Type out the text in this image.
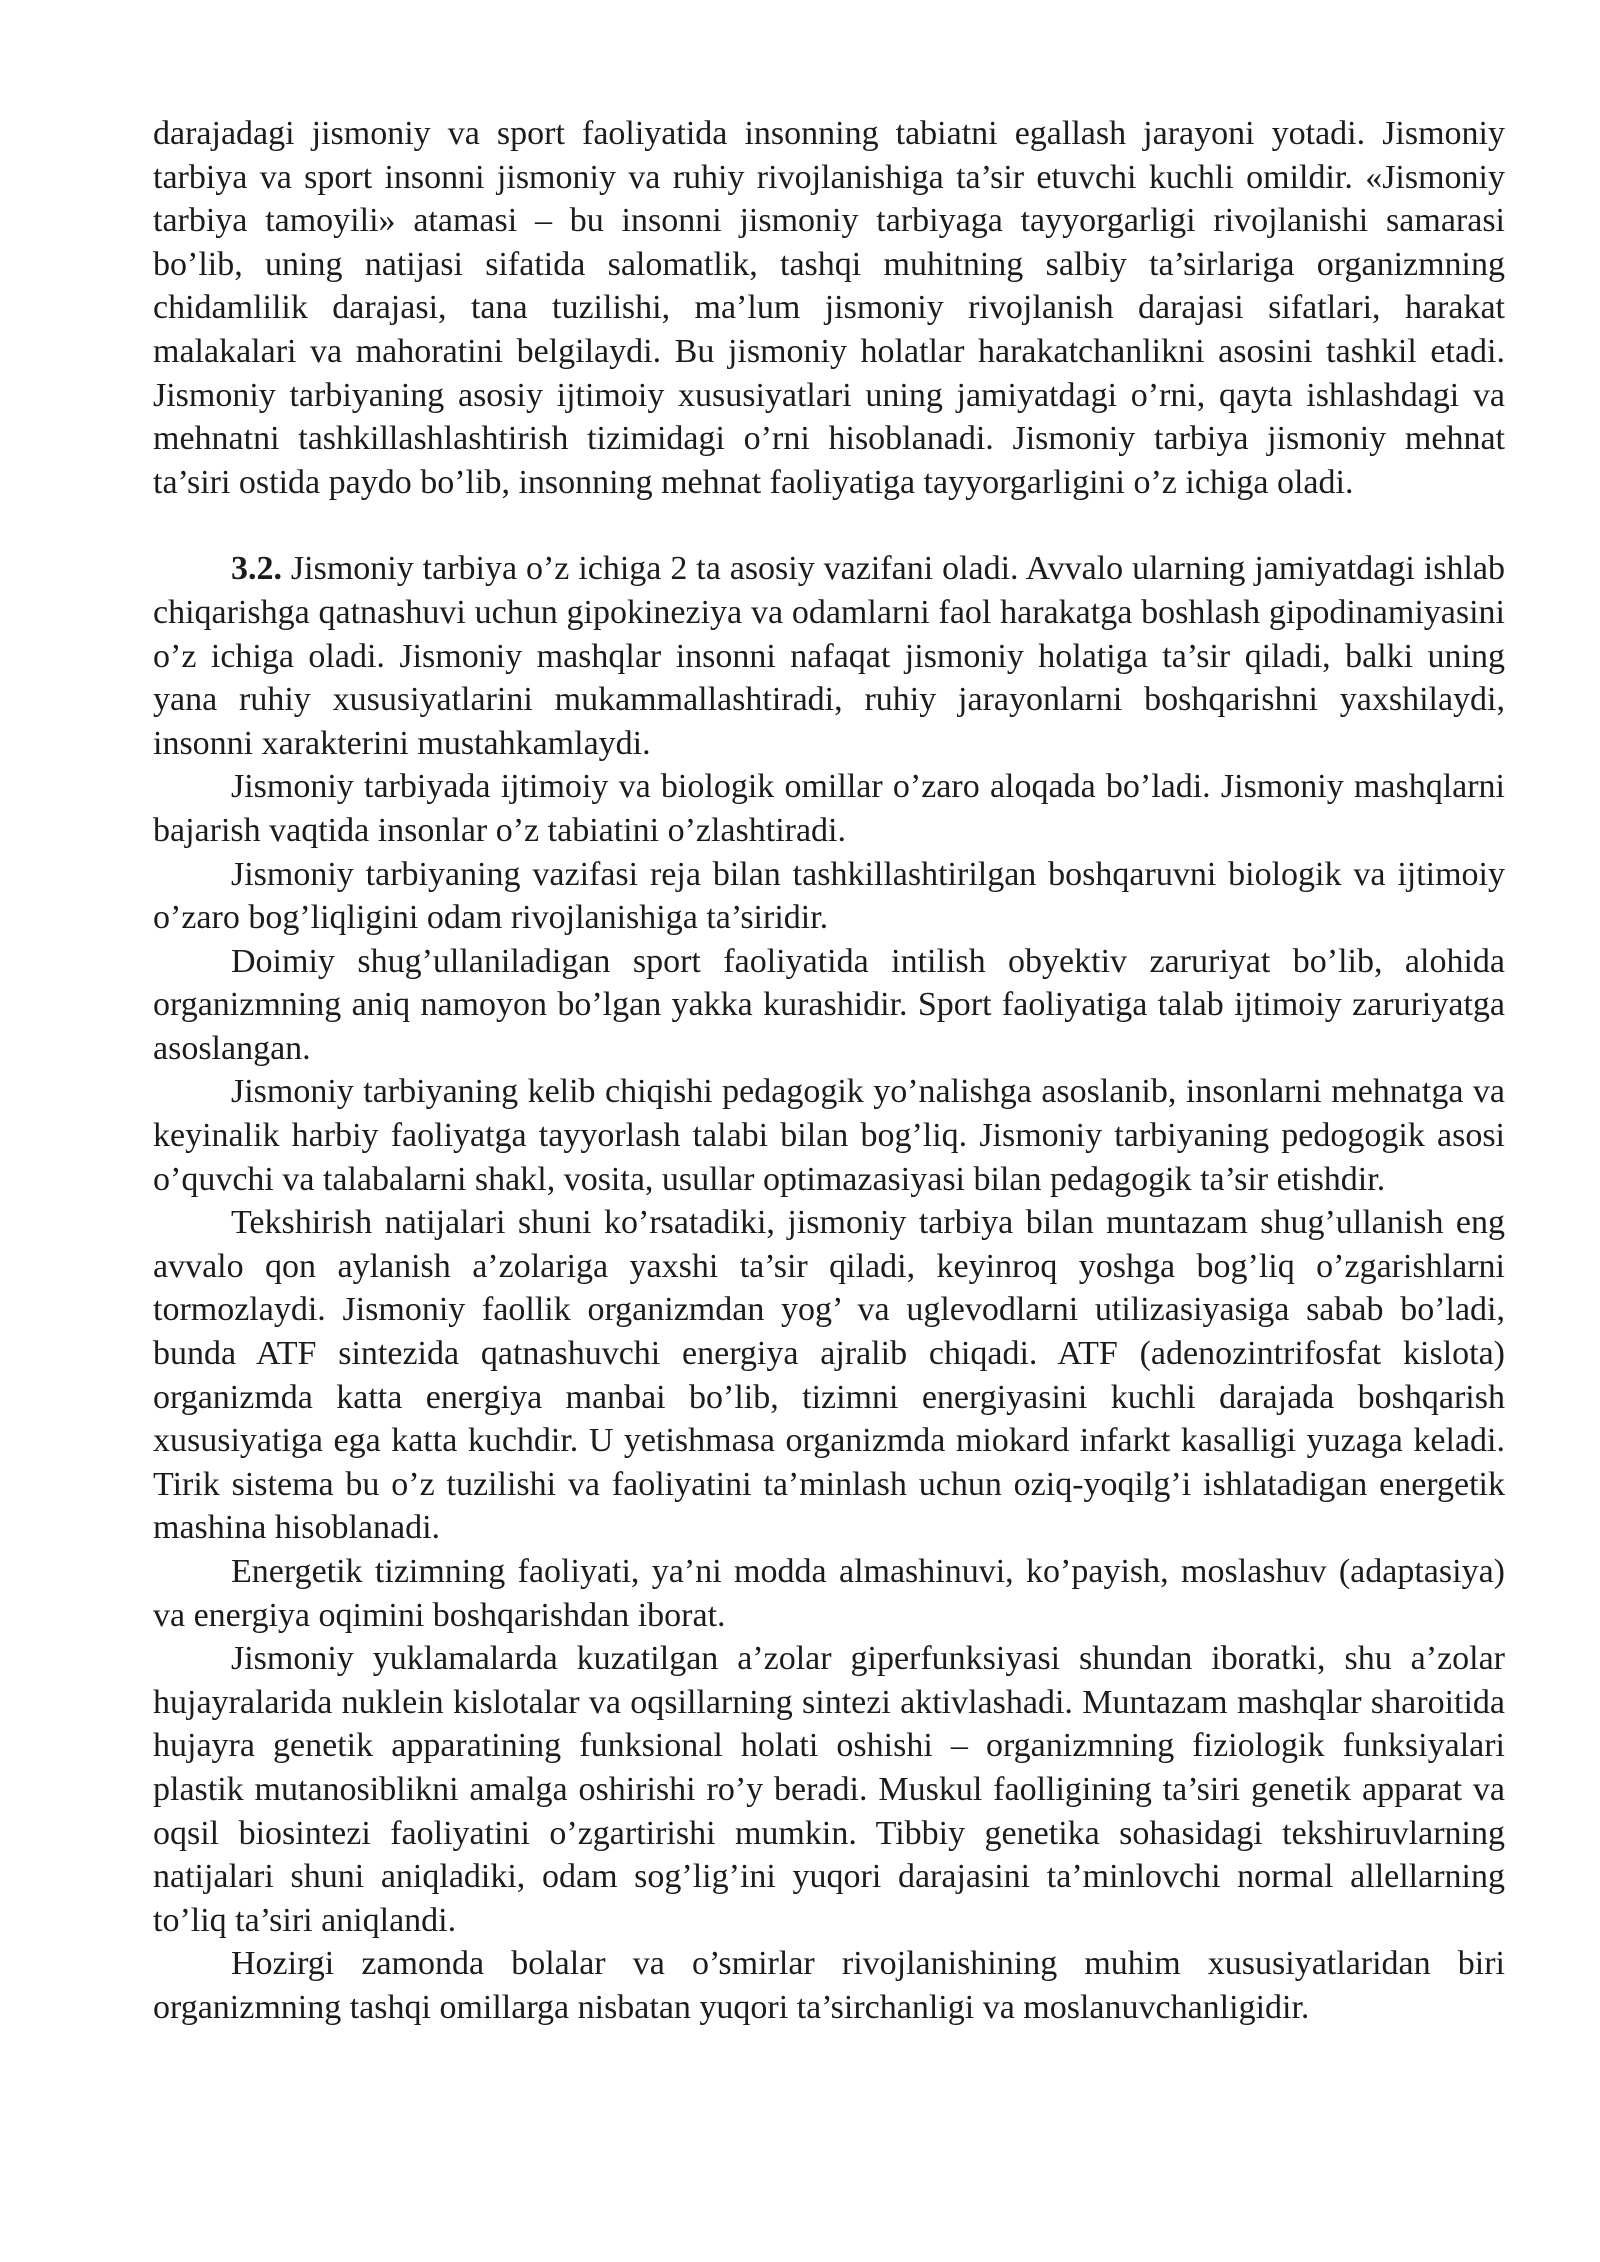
darajadagi jismoniy va sport faoliyatida insonning tabiatni egallash jarayoni yotadi. Jismoniy tarbiya va sport insonni jismoniy va ruhiy rivojlanishiga ta’sir etuvchi kuchli omildir. «Jismoniy tarbiya tamoyili» atamasi – bu insonni jismoniy tarbiyaga tayyorgarligi rivojlanishi samarasi bo’lib, uning natijasi sifatida salomatlik, tashqi muhitning salbiy ta’sirlariga organizmning chidamlilik darajasi, tana tuzilishi, ma’lum jismoniy rivojlanish darajasi sifatlari, harakat malakalari va mahoratini belgilaydi. Bu jismoniy holatlar harakatchanlikni asosini tashkil etadi. Jismoniy tarbiyaning asosiy ijtimoiy xususiyatlari uning jamiyatdagi o’rni, qayta ishlashdagi va mehnatni tashkillashlashtirish tizimidagi o’rni hisoblanadi. Jismoniy tarbiya jismoniy mehnat ta’siri ostida paydo bo’lib, insonning mehnat faoliyatiga tayyorgarligini o’z ichiga oladi.

3.2. Jismoniy tarbiya o’z ichiga 2 ta asosiy vazifani oladi. Avvalo ularning jamiyatdagi ishlab chiqarishga qatnashuvi uchun gipokineziya va odamlarni faol harakatga boshlash gipodinamiyasini o’z ichiga oladi. Jismoniy mashqlar insonni nafaqat jismoniy holatiga ta’sir qiladi, balki uning yana ruhiy xususiyatlarini mukammallashtiradi, ruhiy jarayonlarni boshqarishni yaxshilaydi, insonni xarakterini mustahkamlaydi.

Jismoniy tarbiyada ijtimoiy va biologik omillar o’zaro aloqada bo’ladi. Jismoniy mashqlarni bajarish vaqtida insonlar o’z tabiatini o’zlashtiradi.

Jismoniy tarbiyaning vazifasi reja bilan tashkillashtirilgan boshqaruvni biologik va ijtimoiy o’zaro bog’liqligini odam rivojlanishiga ta’siridir.

Doimiy shug’ullaniladigan sport faoliyatida intilish obyektiv zaruriyat bo’lib, alohida organizmning aniq namoyon bo’lgan yakka kurashidir. Sport faoliyatiga talab ijtimoiy zaruriyatga asoslangan.

Jismoniy tarbiyaning kelib chiqishi pedagogik yo’nalishga asoslanib, insonlarni mehnatga va keyinalik harbiy faoliyatga tayyorlash talabi bilan bog’liq. Jismoniy tarbiyaning pedogogik asosi o’quvchi va talabalarni shakl, vosita, usullar optimazasiyasi bilan pedagogik ta’sir etishdir.

Tekshirish natijalari shuni ko’rsatadiki, jismoniy tarbiya bilan muntazam shug’ullanish eng avvalo qon aylanish a’zolariga yaxshi ta’sir qiladi, keyinroq yoshga bog’liq o’zgarishlarni tormozlaydi. Jismoniy faollik organizmdan yog’ va uglevodlarni utilizasiyasiga sabab bo’ladi, bunda ATF sintezida qatnashuvchi energiya ajralib chiqadi. ATF (adenozintrifosfat kislota) organizmda katta energiya manbai bo’lib, tizimni energiyasini kuchli darajada boshqarish xususiyatiga ega katta kuchdir. U yetishmasa organizmda miokard infarkt kasalligi yuzaga keladi. Tirik sistema bu o’z tuzilishi va faoliyatini ta’minlash uchun oziq-yoqilg’i ishlatadigan energetik mashina hisoblanadi.

Energetik tizimning faoliyati, ya’ni modda almashinuvi, ko’payish, moslashuv (adaptasiya) va energiya oqimini boshqarishdan iborat.

Jismoniy yuklamalarda kuzatilgan a’zolar giperfunksiyasi shundan iboratki, shu a’zolar hujayralarida nuklein kislotalar va oqsillarning sintezi aktivlashadi. Muntazam mashqlar sharoitida hujayra genetik apparatining funksional holati oshishi – organizmning fiziologik funksiyalari plastik mutanosiblikni amalga oshirishi ro’y beradi. Muskul faolligining ta’siri genetik apparat va oqsil biosintezi faoliyatini o’zgartirishi mumkin. Tibbiy genetika sohasidagi tekshiruvlarning natijalari shuni aniqladiki, odam sog’lig’ini yuqori darajasini ta’minlovchi normal allellarning to’liq ta’siri aniqlandi.

Hozirgi zamonda bolalar va o’smirlar rivojlanishining muhim xususiyatlaridan biri organizmning tashqi omillarga nisbatan yuqori ta’sirchanligi va moslanuvchanligidir.
